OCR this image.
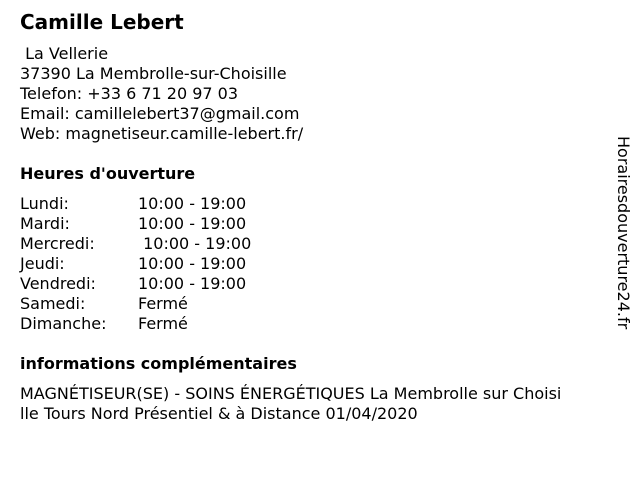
Camille Lebert
La Vellerie
37390 La Membrolle-sur-Choisille
Telefon: +33 6 71 20 97 03
Email: camillelebert37@gmail.com
Web: magnetiseur.camille-lebert.fr/
Heures d'ouverture
Lundi:	10:00 - 19:00
Mardi:	10:00 - 19:00
Mercredi:	10:00 - 19:00
Jeudi:	10:00 - 19:00
Vendredi:	10:00 - 19:00
Samedi:	Fermé
Dimanche: Fermé
informations complémentaires
MAGNÉTISEUR(SE) - SOINS ÉNERGÉTIQUES La Membrolle sur Choisi
lle Tours Nord Présentiel & à Distance 01/04/2020
Horairesdouverture24.fr
